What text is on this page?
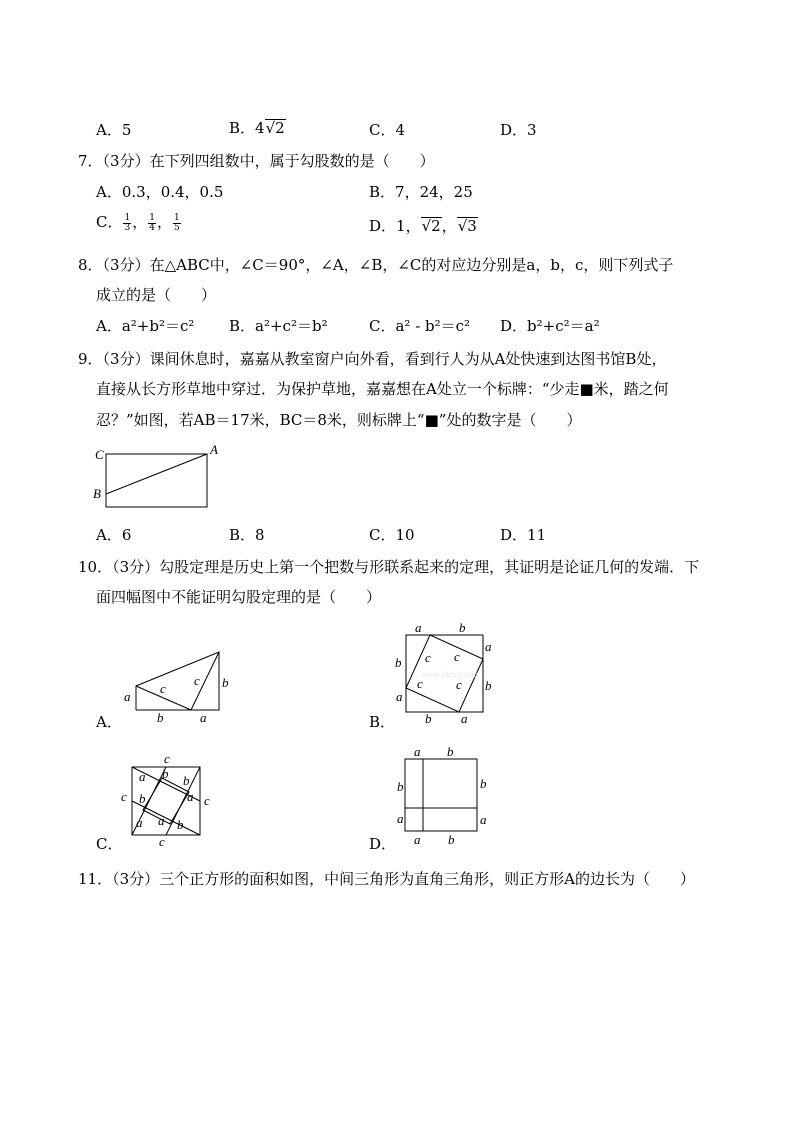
A．5	B．4√2	C．4	D．3
7．（3分）在下列四组数中，属于勾股数的是（　　）
A．0.3，0.4，0.5	B．7，24，25
C． $\frac{1}{3}$ ， $\frac{1}{4}$ ， $\frac{1}{5}$	D．1，√2，√3
8．（3分）在△ABC中，∠C＝90°，∠A，∠B，∠C的对应边分别是a，b，c，则下列式子
成立的是（　　）
A．a²+b²＝c² B．a²+c²＝b²	C．a² - b²＝c² D．b²+c²＝a²
9．（3分）课间休息时，嘉嘉从教室窗户向外看，看到行人为从A处快速到达图书馆B处，
直接从长方形草地中穿过．为保护草地，嘉嘉想在A处立一个标牌：“少走■米，踏之何
忍？”如图，若AB＝17米，BC＝8米，则标牌上“■”处的数字是（　　）
C	A
B
A．6	B．8	C．10	D．11
10．（3分）勾股定理是历史上第一个把数与形联系起来的定理，其证明是论证几何的发端．下
面四幅图中不能证明勾股定理的是（　　）
a
c
c b
b	a
A．
a	b
a
b
b
a
b a
c c
c	c
www.21cnjy.com
B．
c
c	c
c
a b b
a
b
a a b
C．
a b
b
a
b
a
a b
D．
11．（3分）三个正方形的面积如图，中间三角形为直角三角形，则正方形A的边长为（　　）
